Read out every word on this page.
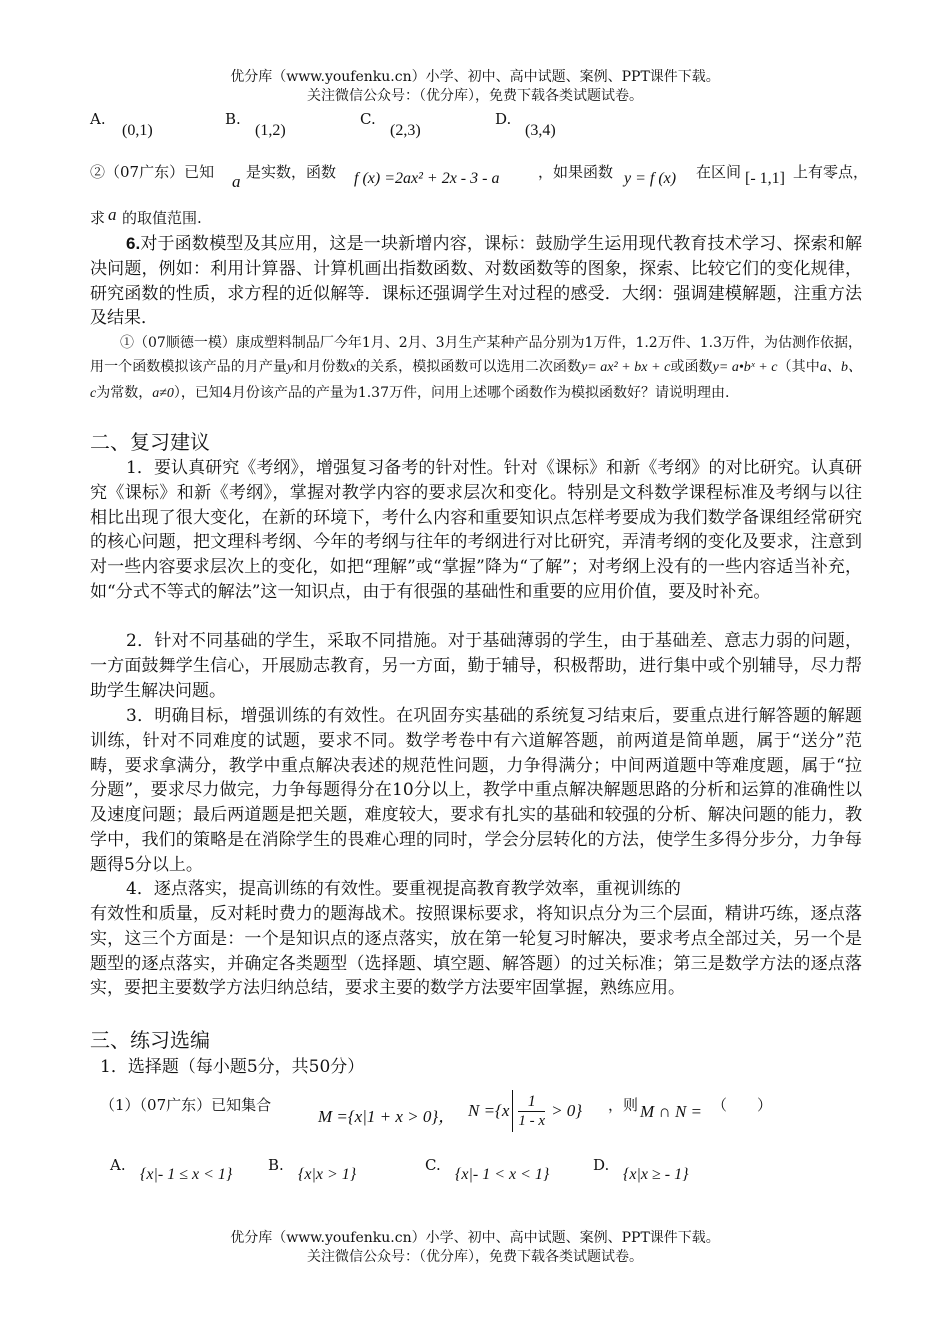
优分库（www.youfenku.cn）小学、初中、高中试题、案例、PPT课件下载。
关注微信公众号：（优分库），免费下载各类试题试卷。
A.
(0,1)
B.
(1,2)
C.
(2,3)
D.
(3,4)
②（07广东）已知 a 是实数，函数 f (x) =2ax² + 2x - 3 - a	，如果函数 y = f (x) 在区间 [- 1,1] 上有零点，
求 a 的取值范围.
6.对于函数模型及其应用，这是一块新增内容，课标：鼓励学生运用现代教育技术学习、探索和解决问题，例如：利用计算器、计算机画出指数函数、对数函数等的图象，探索、比较它们的变化规律，研究函数的性质，求方程的近似解等．课标还强调学生对过程的感受．大纲：强调建模解题，注重方法及结果．
①（07顺德一模）康成塑料制品厂今年1月、2月、3月生产某种产品分别为1万件，1.2万件、1.3万件，为估测作依据，用一个函数模拟该产品的月产量y和月份数x的关系，模拟函数可以选用二次函数y= ax² + bx + c或函数y= a•bˣ + c（其中a、b、c为常数，a≠0），已知4月份该产品的产量为1.37万件，问用上述哪个函数作为模拟函数好？请说明理由.
二、复习建议
1．要认真研究《考纲》，增强复习备考的针对性。针对《课标》和新《考纲》的对比研究。认真研究《课标》和新《考纲》，掌握对教学内容的要求层次和变化。特别是文科数学课程标准及考纲与以往相比出现了很大变化，在新的环境下，考什么内容和重要知识点怎样考要成为我们数学备课组经常研究的核心问题，把文理科考纲、今年的考纲与往年的考纲进行对比研究，弄清考纲的变化及要求，注意到对一些内容要求层次上的变化，如把“理解”或“掌握”降为“了解”；对考纲上没有的一些内容适当补充，如“分式不等式的解法”这一知识点，由于有很强的基础性和重要的应用价值，要及时补充。
2．针对不同基础的学生，采取不同措施。对于基础薄弱的学生，由于基础差、意志力弱的问题，一方面鼓舞学生信心，开展励志教育，另一方面，勤于辅导，积极帮助，进行集中或个别辅导，尽力帮助学生解决问题。
3．明确目标，增强训练的有效性。在巩固夯实基础的系统复习结束后，要重点进行解答题的解题训练，针对不同难度的试题，要求不同。数学考卷中有六道解答题，前两道是简单题，属于“送分”范畴，要求拿满分，教学中重点解决表述的规范性问题，力争得满分；中间两道题中等难度题，属于“拉分题”，要求尽力做完，力争每题得分在10分以上，教学中重点解决解题思路的分析和运算的准确性以及速度问题；最后两道题是把关题，难度较大，要求有扎实的基础和较强的分析、解决问题的能力，教学中，我们的策略是在消除学生的畏难心理的同时，学会分层转化的方法，使学生多得分步分，力争每题得5分以上。
4．逐点落实，提高训练的有效性。要重视提高教育教学效率，重视训练的
有效性和质量，反对耗时费力的题海战术。按照课标要求，将知识点分为三个层面，精讲巧练，逐点落实，这三个方面是：一个是知识点的逐点落实，放在第一轮复习时解决，要求考点全部过关，另一个是题型的逐点落实，并确定各类题型（选择题、填空题、解答题）的过关标准；第三是数学方法的逐点落实，要把主要数学方法归纳总结，要求主要的数学方法要牢固掌握，熟练应用。
三、练习选编
1．选择题（每小题5分，共50分）
（1）（07广东）已知集合
M ={x|1 + x > 0}， $N =\{x \frac{1}{1 - x} > 0\}$ ，则 M ∩ N = （　　）
A.
{x|- 1 ≤ x < 1}
B.
{x|x > 1}
C.
{x|- 1 < x < 1}
D.
{x|x ≥ - 1}
优分库（www.youfenku.cn）小学、初中、高中试题、案例、PPT课件下载。
关注微信公众号：（优分库），免费下载各类试题试卷。
